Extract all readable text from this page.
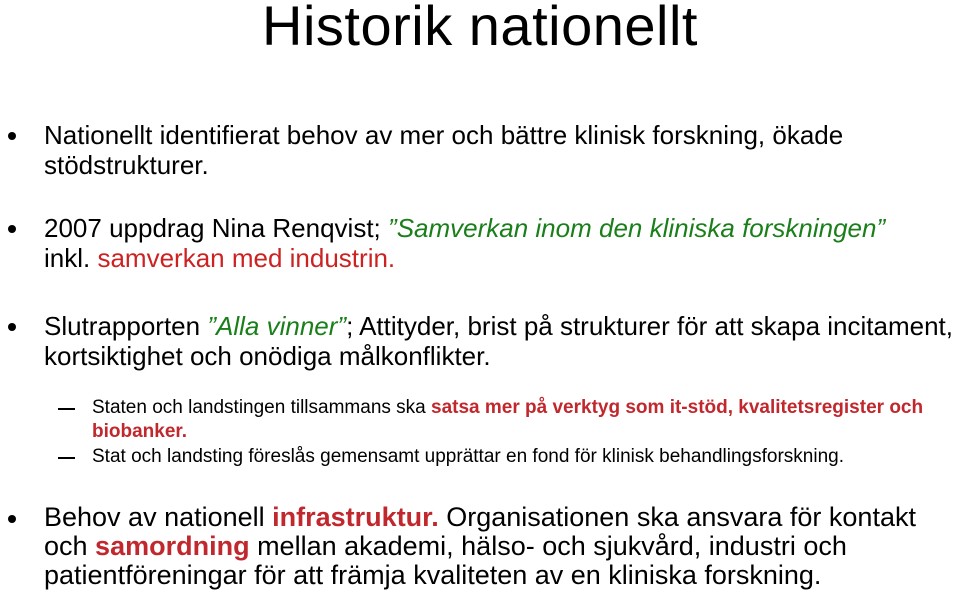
Historik nationellt
Nationellt identifierat behov av mer och bättre klinisk forskning, ökade stödstrukturer.
2007 uppdrag Nina Renqvist; ”Samverkan inom den kliniska forskningen”
inkl. samverkan med industrin.
Slutrapporten ”Alla vinner”; Attityder, brist på strukturer för att skapa incitament, kortsiktighet och onödiga målkonflikter.
Staten och landstingen tillsammans ska satsa mer på verktyg som it-stöd, kvalitetsregister och biobanker.
Stat och landsting föreslås gemensamt upprättar en fond för klinisk behandlingsforskning.
Behov av nationell infrastruktur. Organisationen ska ansvara för kontakt och samordning mellan akademi, hälso- och sjukvård, industri och patientföreningar för att främja kvaliteten av en kliniska forskning.
